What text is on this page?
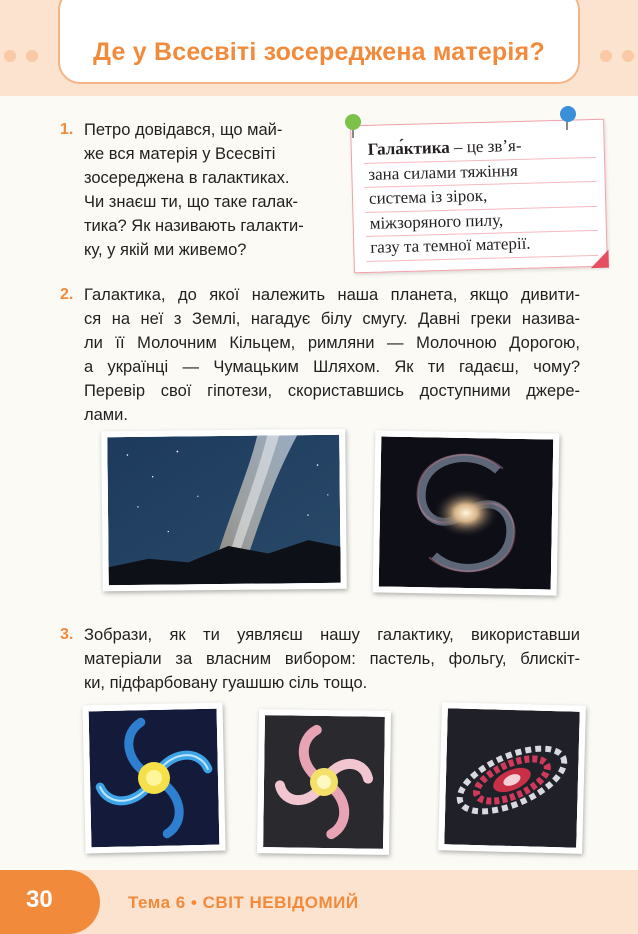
Де у Всесвіті зосереджена матерія?
1. Петро довідався, що май-
же вся матерія у Всесвіті
зосереджена в галактиках.
Чи знаєш ти, що таке галак-
тика? Як називають галакти-
ку, у якій ми живемо?
Гала́ктика – це зв’я-
зана силами тяжіння
система із зірок,
міжзоряного пилу,
газу та темної матерії.
2. Галактика, до якої належить наша планета, якщо дивити-
ся на неї з Землі, нагадує білу смугу. Давні греки назива-
ли її Молочним Кільцем, римляни — Молочною Дорогою,
а українці — Чумацьким Шляхом. Як ти гадаєш, чому?
Перевір свої гіпотези, скориставшись доступними джере-
лами.
3. Зобрази, як ти уявляєш нашу галактику, використавши
матеріали за власним вибором: пастель, фольгу, блискіт-
ки, підфарбовану гуашшю сіль тощо.
30	Тема 6 • СВІТ НЕВІДОМИЙ
